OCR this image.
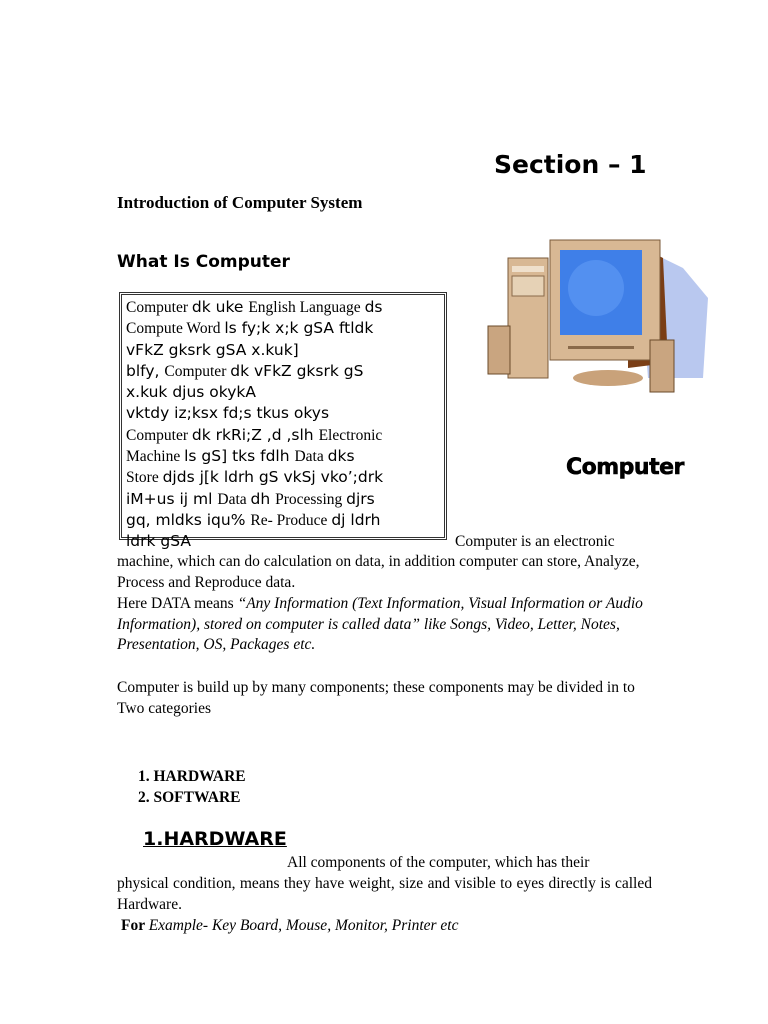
Section – 1
Introduction of Computer System
What Is Computer
Computer dk uke English Language ds
Compute Word ls fy;k x;k gSA ftldk
vFkZ gksrk gSA x.kuk]
blfy, Computer dk vFkZ gksrk gS
x.kuk djus okykA
vktdy iz;ksx fd;s tkus okys
Computer dk rkRi;Z ,d ,slh Electronic
Machine ls gS] tks fdlh Data dks
Store djds j[k ldrh gS vkSj vko’;drk
iM+us ij ml Data dh Processing djrs
gq, mldks iqu% Re- Produce dj ldrh
ldrk gSA
Computer
Computer is an electronic
machine, which can do calculation on data, in addition computer can store, Analyze, Process and Reproduce data.
Here DATA means “Any Information (Text Information, Visual Information or Audio Information), stored on computer is called data” like Songs, Video, Letter, Notes, Presentation, OS, Packages etc.
Computer is build up by many components; these components may be divided in to Two categories
1. HARDWARE
2. SOFTWARE
1.HARDWARE
All components of the computer, which has their
physical condition, means they have weight, size and visible to eyes directly is called Hardware.
For Example- Key Board, Mouse, Monitor, Printer etc
